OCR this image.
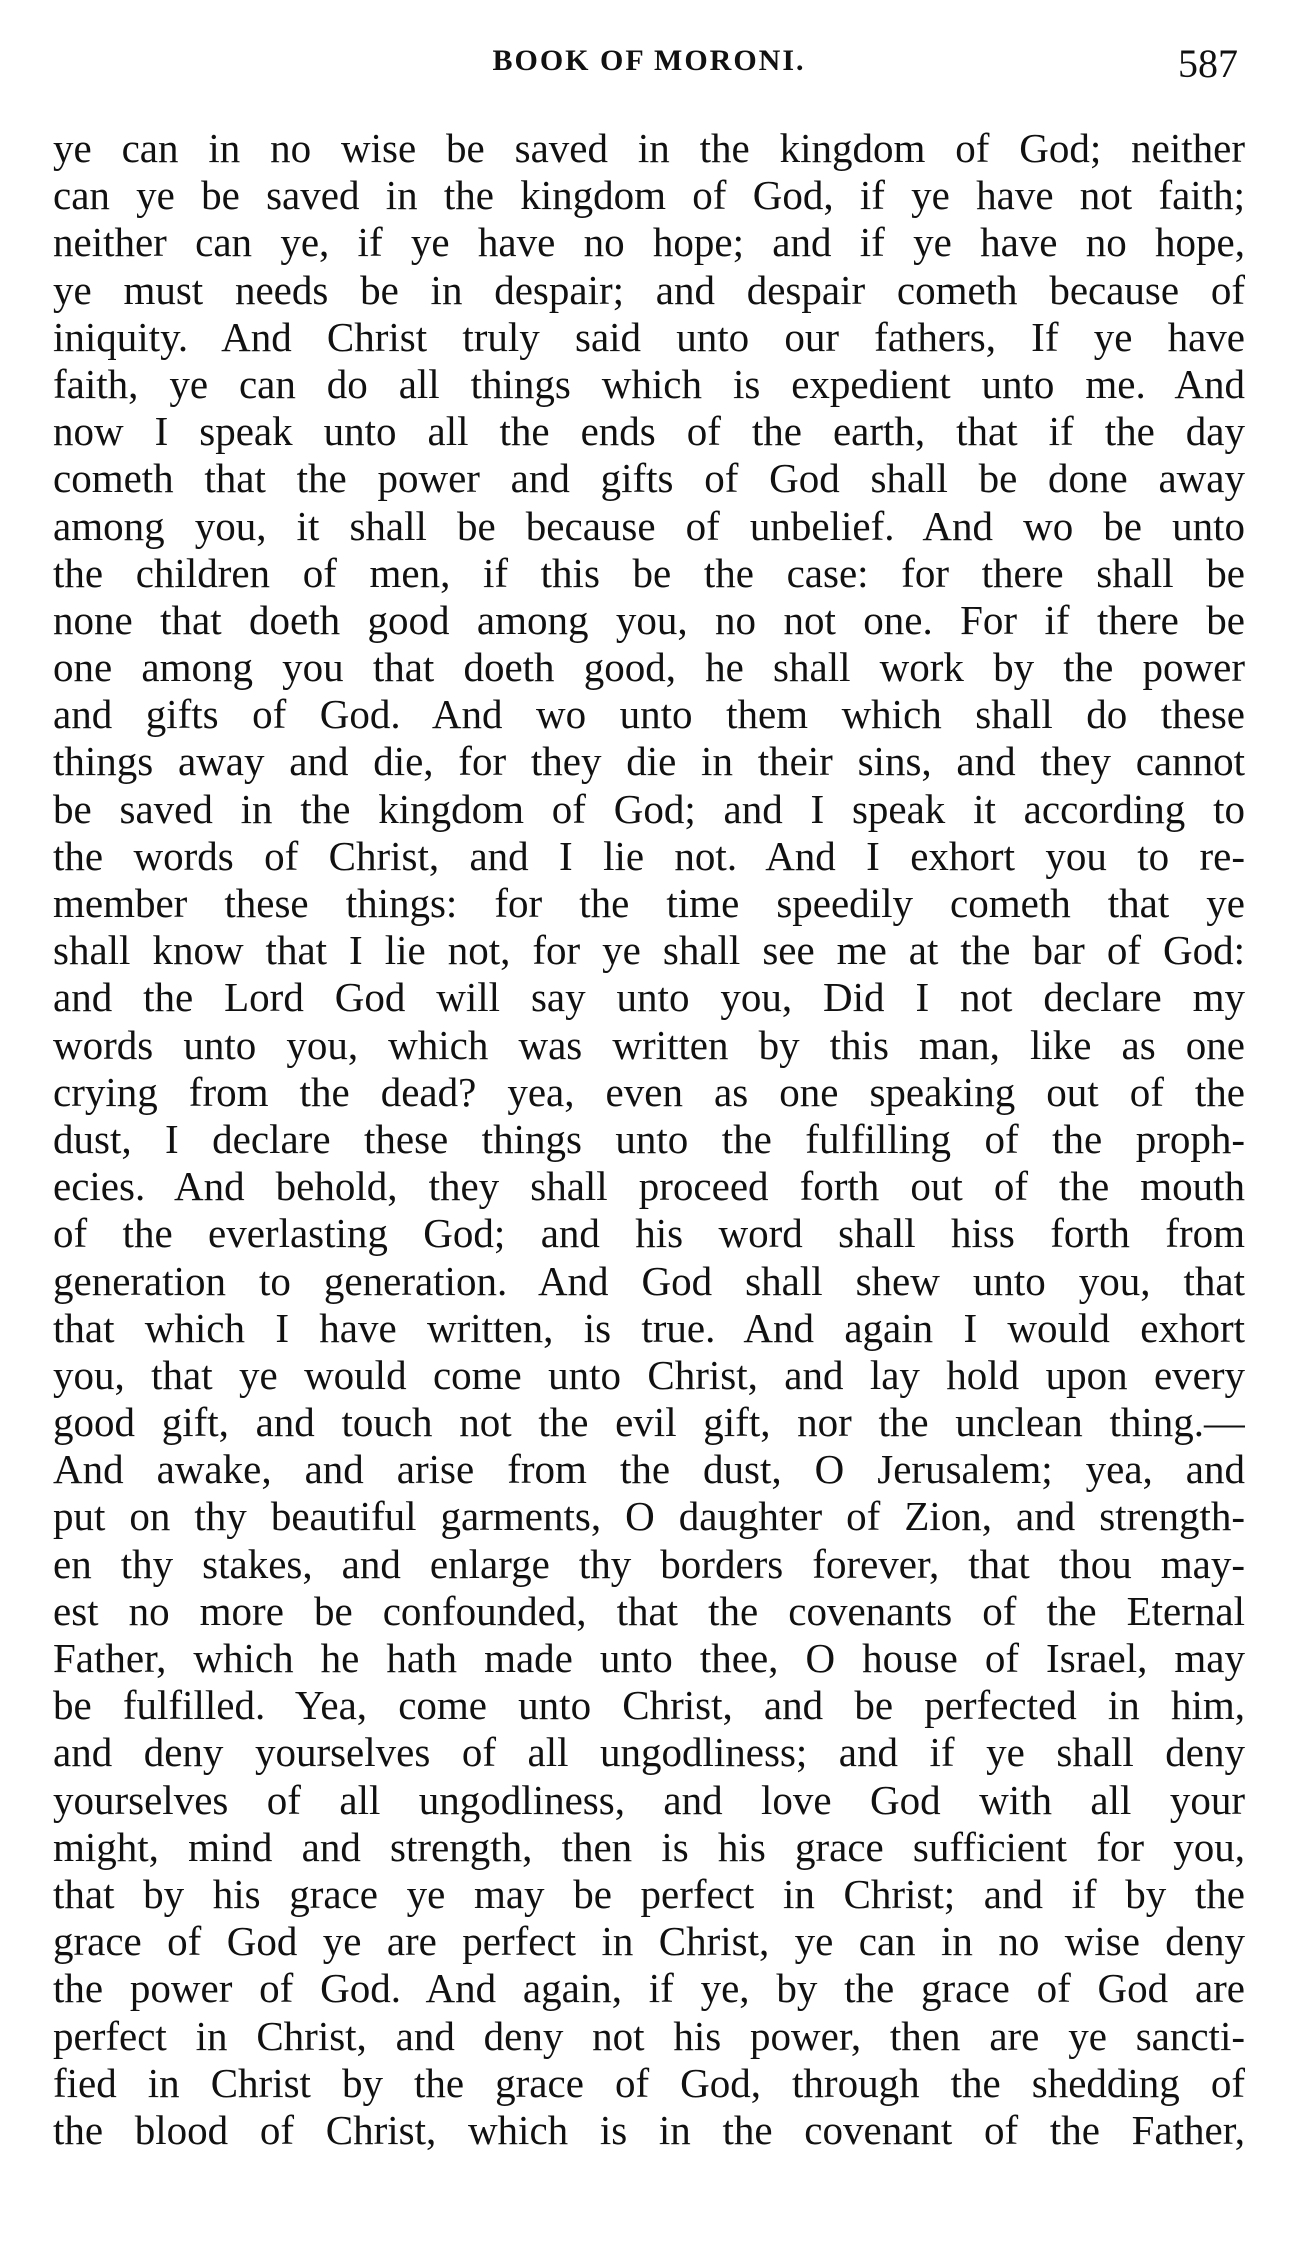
BOOK OF MORONI.	587
ye can in no wise be saved in the kingdom of God; neither
can ye be saved in the kingdom of God, if ye have not faith;
neither can ye, if ye have no hope; and if ye have no hope,
ye must needs be in despair; and despair cometh because of
iniquity. And Christ truly said unto our fathers, If ye have
faith, ye can do all things which is expedient unto me. And
now I speak unto all the ends of the earth, that if the day
cometh that the power and gifts of God shall be done away
among you, it shall be because of unbelief. And wo be unto
the children of men, if this be the case: for there shall be
none that doeth good among you, no not one. For if there be
one among you that doeth good, he shall work by the power
and gifts of God. And wo unto them which shall do these
things away and die, for they die in their sins, and they cannot
be saved in the kingdom of God; and I speak it according to
the words of Christ, and I lie not. And I exhort you to re-
member these things: for the time speedily cometh that ye
shall know that I lie not, for ye shall see me at the bar of God:
and the Lord God will say unto you, Did I not declare my
words unto you, which was written by this man, like as one
crying from the dead? yea, even as one speaking out of the
dust, I declare these things unto the fulfilling of the proph-
ecies. And behold, they shall proceed forth out of the mouth
of the everlasting God; and his word shall hiss forth from
generation to generation. And God shall shew unto you, that
that which I have written, is true. And again I would exhort
you, that ye would come unto Christ, and lay hold upon every
good gift, and touch not the evil gift, nor the unclean thing.—
And awake, and arise from the dust, O Jerusalem; yea, and
put on thy beautiful garments, O daughter of Zion, and strength-
en thy stakes, and enlarge thy borders forever, that thou may-
est no more be confounded, that the covenants of the Eternal
Father, which he hath made unto thee, O house of Israel, may
be fulfilled. Yea, come unto Christ, and be perfected in him,
and deny yourselves of all ungodliness; and if ye shall deny
yourselves of all ungodliness, and love God with all your
might, mind and strength, then is his grace sufficient for you,
that by his grace ye may be perfect in Christ; and if by the
grace of God ye are perfect in Christ, ye can in no wise deny
the power of God. And again, if ye, by the grace of God are
perfect in Christ, and deny not his power, then are ye sancti-
fied in Christ by the grace of God, through the shedding of
the blood of Christ, which is in the covenant of the Father,
